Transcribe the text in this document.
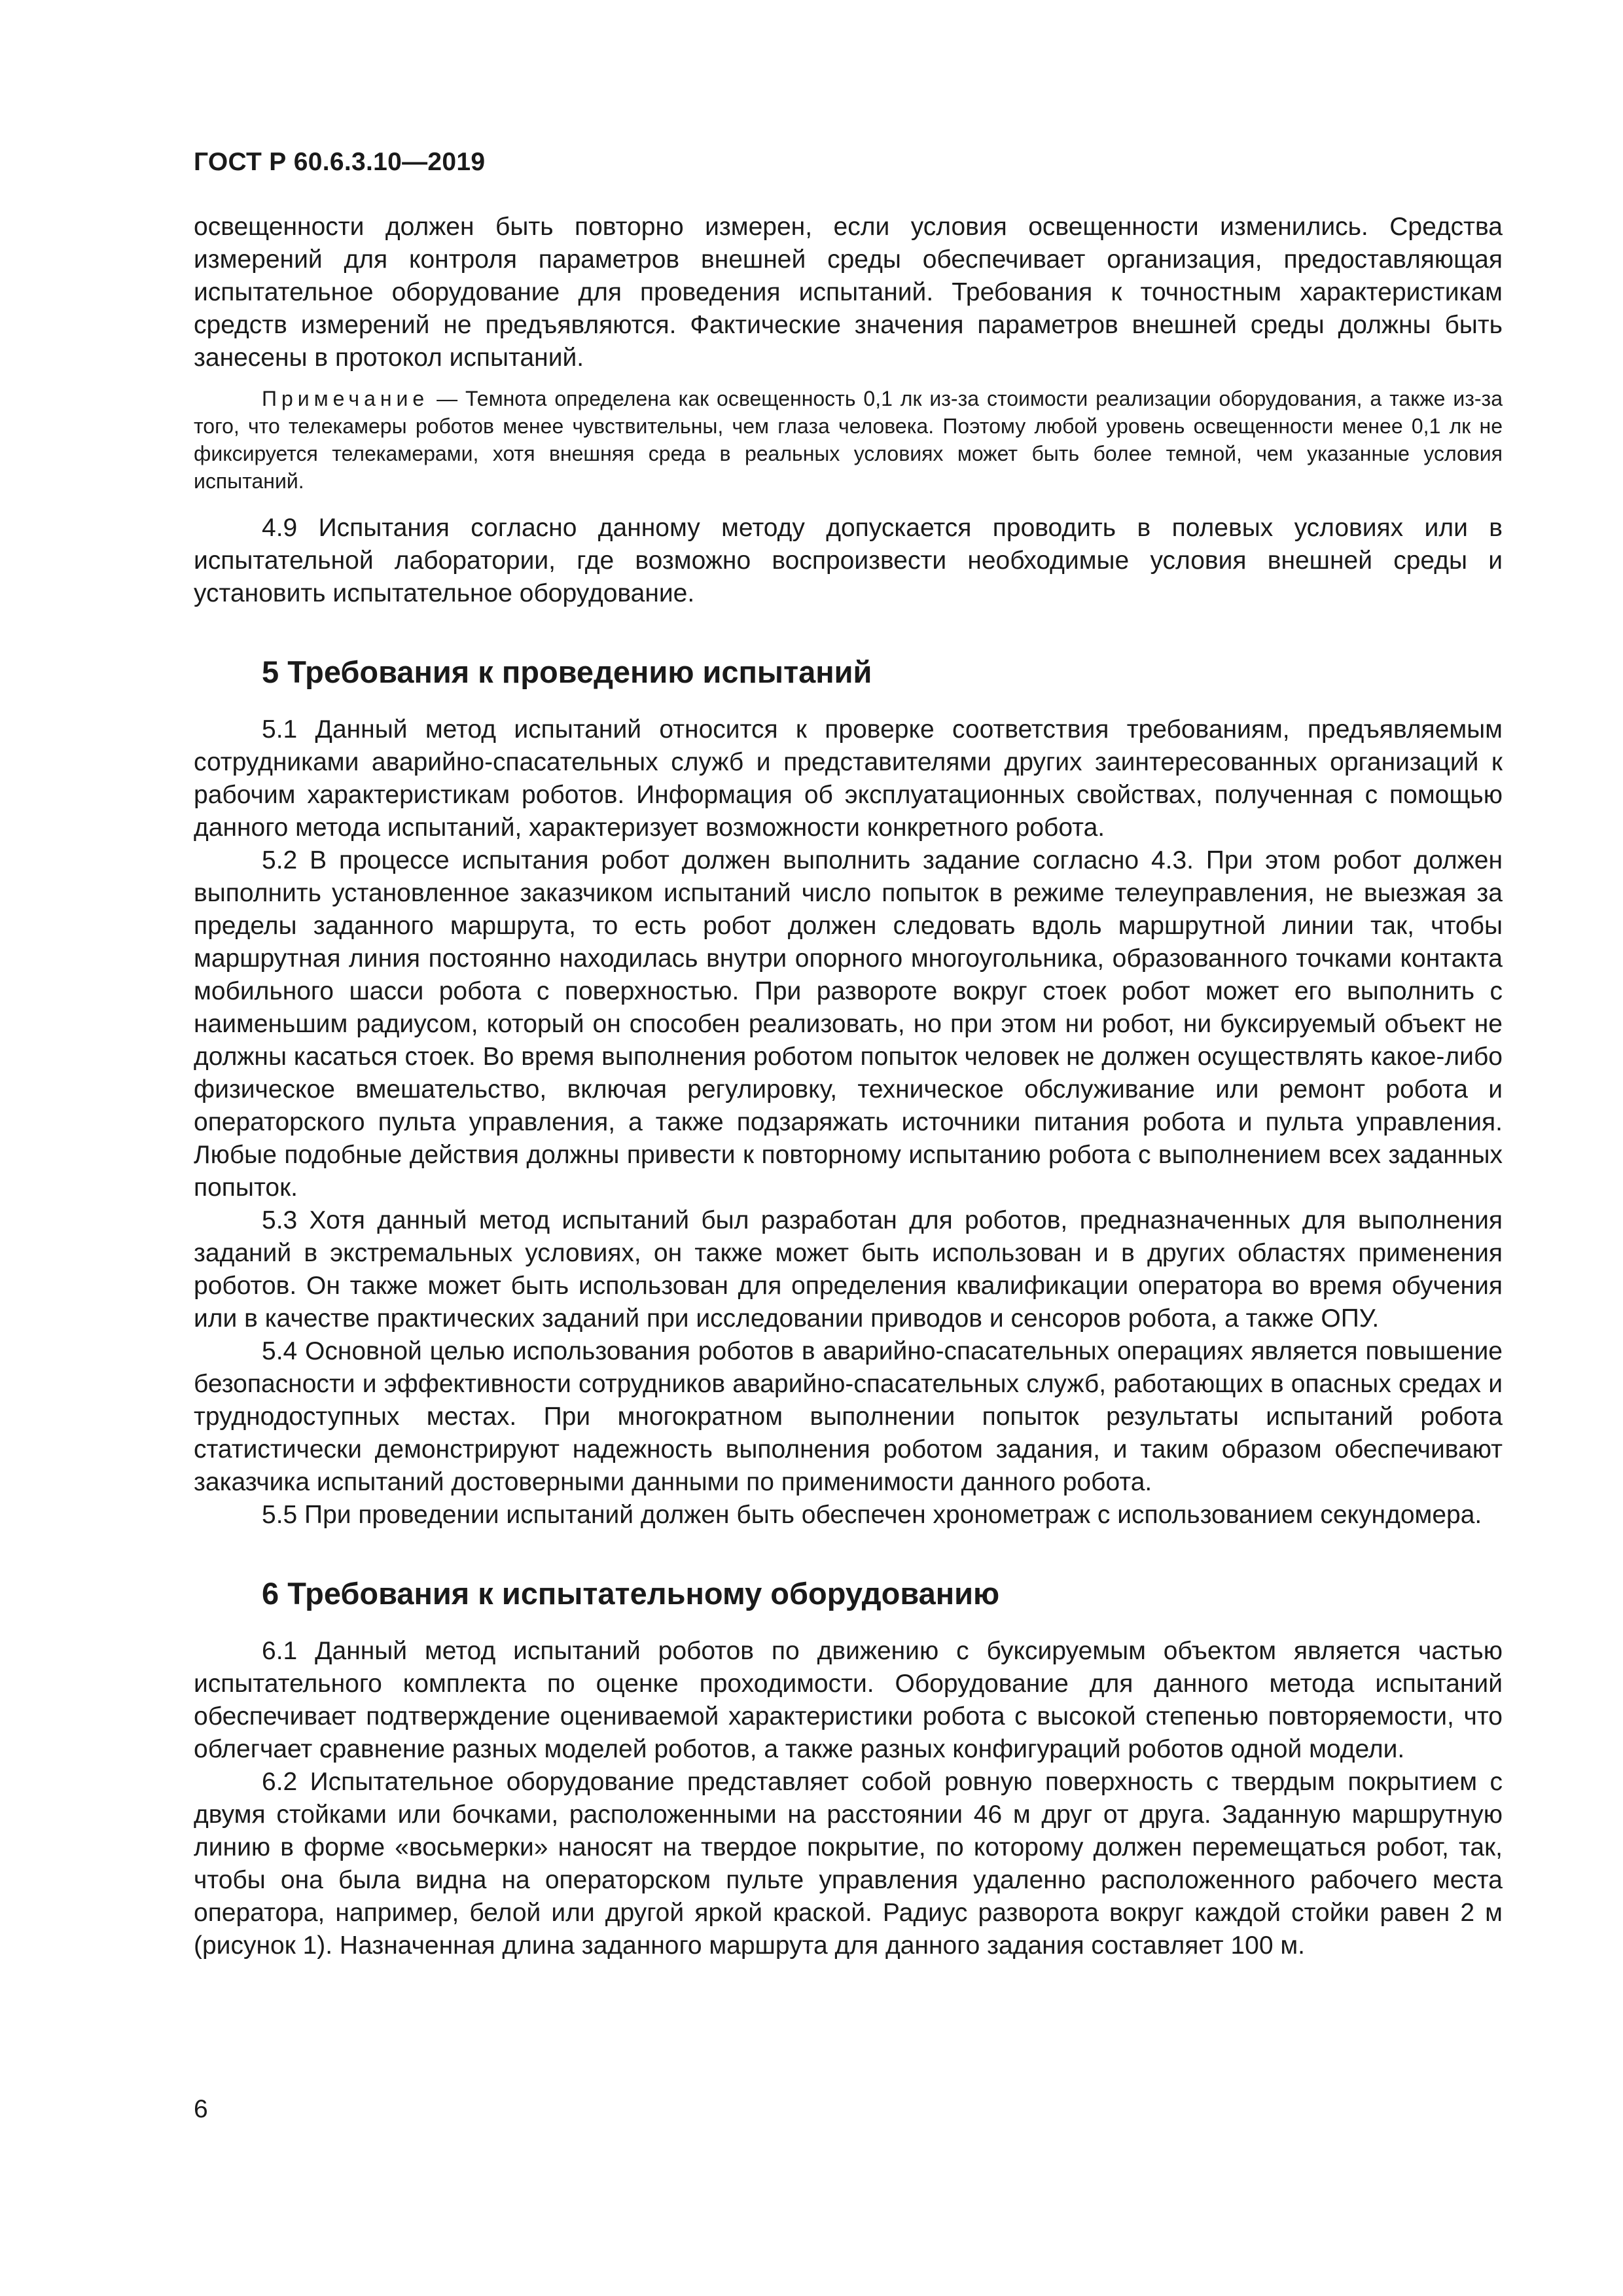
ГОСТ Р 60.6.3.10—2019

освещенности должен быть повторно измерен, если условия освещенности изменились. Средства измерений для контроля параметров внешней среды обеспечивает организация, предоставляющая испытательное оборудование для проведения испытаний. Требования к точностным характеристикам средств измерений не предъявляются. Фактические значения параметров внешней среды должны быть занесены в протокол испытаний.

Примечание — Темнота определена как освещенность 0,1 лк из-за стоимости реализации оборудования, а также из-за того, что телекамеры роботов менее чувствительны, чем глаза человека. Поэтому любой уровень освещенности менее 0,1 лк не фиксируется телекамерами, хотя внешняя среда в реальных условиях может быть более темной, чем указанные условия испытаний.

4.9 Испытания согласно данному методу допускается проводить в полевых условиях или в испытательной лаборатории, где возможно воспроизвести необходимые условия внешней среды и установить испытательное оборудование.

5 Требования к проведению испытаний

5.1 Данный метод испытаний относится к проверке соответствия требованиям, предъявляемым сотрудниками аварийно-спасательных служб и представителями других заинтересованных организаций к рабочим характеристикам роботов. Информация об эксплуатационных свойствах, полученная с помощью данного метода испытаний, характеризует возможности конкретного робота.

5.2 В процессе испытания робот должен выполнить задание согласно 4.3. При этом робот должен выполнить установленное заказчиком испытаний число попыток в режиме телеуправления, не выезжая за пределы заданного маршрута, то есть робот должен следовать вдоль маршрутной линии так, чтобы маршрутная линия постоянно находилась внутри опорного многоугольника, образованного точками контакта мобильного шасси робота с поверхностью. При развороте вокруг стоек робот может его выполнить с наименьшим радиусом, который он способен реализовать, но при этом ни робот, ни буксируемый объект не должны касаться стоек. Во время выполнения роботом попыток человек не должен осуществлять какое-либо физическое вмешательство, включая регулировку, техническое обслуживание или ремонт робота и операторского пульта управления, а также подзаряжать источники питания робота и пульта управления. Любые подобные действия должны привести к повторному испытанию робота с выполнением всех заданных попыток.

5.3 Хотя данный метод испытаний был разработан для роботов, предназначенных для выполнения заданий в экстремальных условиях, он также может быть использован и в других областях применения роботов. Он также может быть использован для определения квалификации оператора во время обучения или в качестве практических заданий при исследовании приводов и сенсоров робота, а также ОПУ.

5.4 Основной целью использования роботов в аварийно-спасательных операциях является повышение безопасности и эффективности сотрудников аварийно-спасательных служб, работающих в опасных средах и труднодоступных местах. При многократном выполнении попыток результаты испытаний робота статистически демонстрируют надежность выполнения роботом задания, и таким образом обеспечивают заказчика испытаний достоверными данными по применимости данного робота.

5.5 При проведении испытаний должен быть обеспечен хронометраж с использованием секундомера.

6 Требования к испытательному оборудованию

6.1 Данный метод испытаний роботов по движению с буксируемым объектом является частью испытательного комплекта по оценке проходимости. Оборудование для данного метода испытаний обеспечивает подтверждение оцениваемой характеристики робота с высокой степенью повторяемости, что облегчает сравнение разных моделей роботов, а также разных конфигураций роботов одной модели.

6.2 Испытательное оборудование представляет собой ровную поверхность с твердым покрытием с двумя стойками или бочками, расположенными на расстоянии 46 м друг от друга. Заданную маршрутную линию в форме «восьмерки» наносят на твердое покрытие, по которому должен перемещаться робот, так, чтобы она была видна на операторском пульте управления удаленно расположенного рабочего места оператора, например, белой или другой яркой краской. Радиус разворота вокруг каждой стойки равен 2 м (рисунок 1). Назначенная длина заданного маршрута для данного задания составляет 100 м.

6
